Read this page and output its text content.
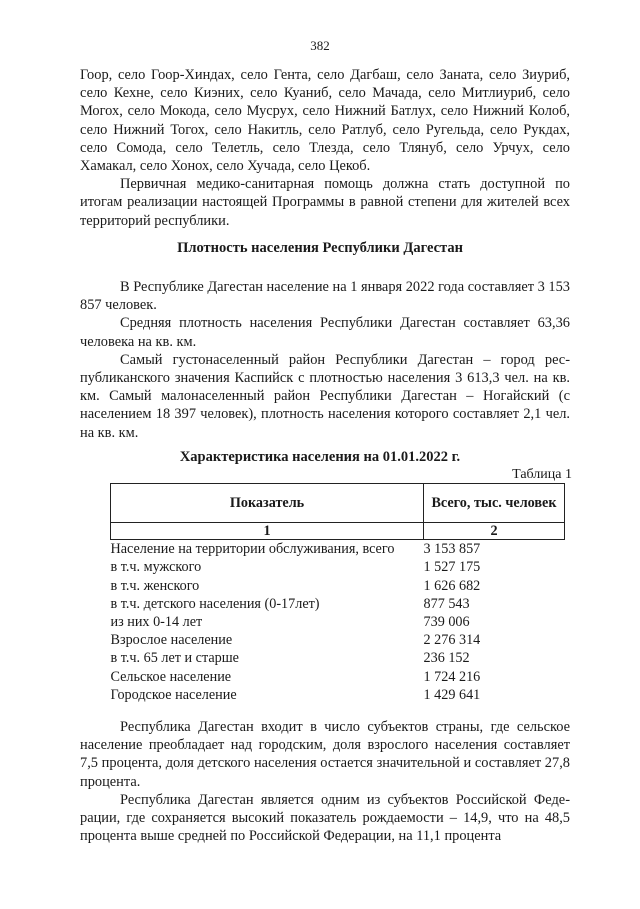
382

Гоор, село Гоор-Хиндах, село Гента, село Дагбаш, село Заната, село Зиуриб, село Кехне, село Киэних, село Куаниб, село Мачада, село Митлиуриб, село Могох, село Мокода, село Мусрух, село Нижний Батлух, село Нижний Колоб, село Нижний Тогох, село Накитль, село Ратлуб, село Ругельда, село Рукдах, село Сомода, село Телетль, село Тлезда, село Тлянуб, село Урчух, село Хамакал, село Хонох, село Хучада, село Цекоб.

Первичная медико-санитарная помощь должна стать доступной по итогам реализации настоящей Программы в равной степени для жителей всех территорий республики.

Плотность населения Республики Дагестан

В Республике Дагестан население на 1 января 2022 года составляет 3 153 857 человек.

Средняя плотность населения Республики Дагестан составляет 63,36 человека на кв. км.

Самый густонаселенный район Республики Дагестан – город республиканского значения Каспийск с плотностью населения 3 613,3 чел. на кв. км. Самый малонаселенный район Республики Дагестан – Ногайский (с населением 18 397 человек), плотность населения которого составляет 2,1 чел. на кв. км.

Характеристика населения на 01.01.2022 г.
Таблица 1
Показатель	Всего, тыс. человек
1	2
Население на территории обслуживания, всего	3 153 857
в т.ч. мужского	1 527 175
в т.ч. женского	1 626 682
в т.ч. детского населения (0-17лет)	877 543
из них 0-14 лет	739 006
Взрослое население	2 276 314
в т.ч. 65 лет и старше	236 152
Сельское население	1 724 216
Городское население	1 429 641

Республика Дагестан входит в число субъектов страны, где сельское население преобладает над городским, доля взрослого населения составляет 7,5 процента, доля детского населения остается значительной и составляет 27,8 процента.

Республика Дагестан является одним из субъектов Российской Федерации, где сохраняется высокий показатель рождаемости – 14,9, что на 48,5 процента выше средней по Российской Федерации, на 11,1 процента
